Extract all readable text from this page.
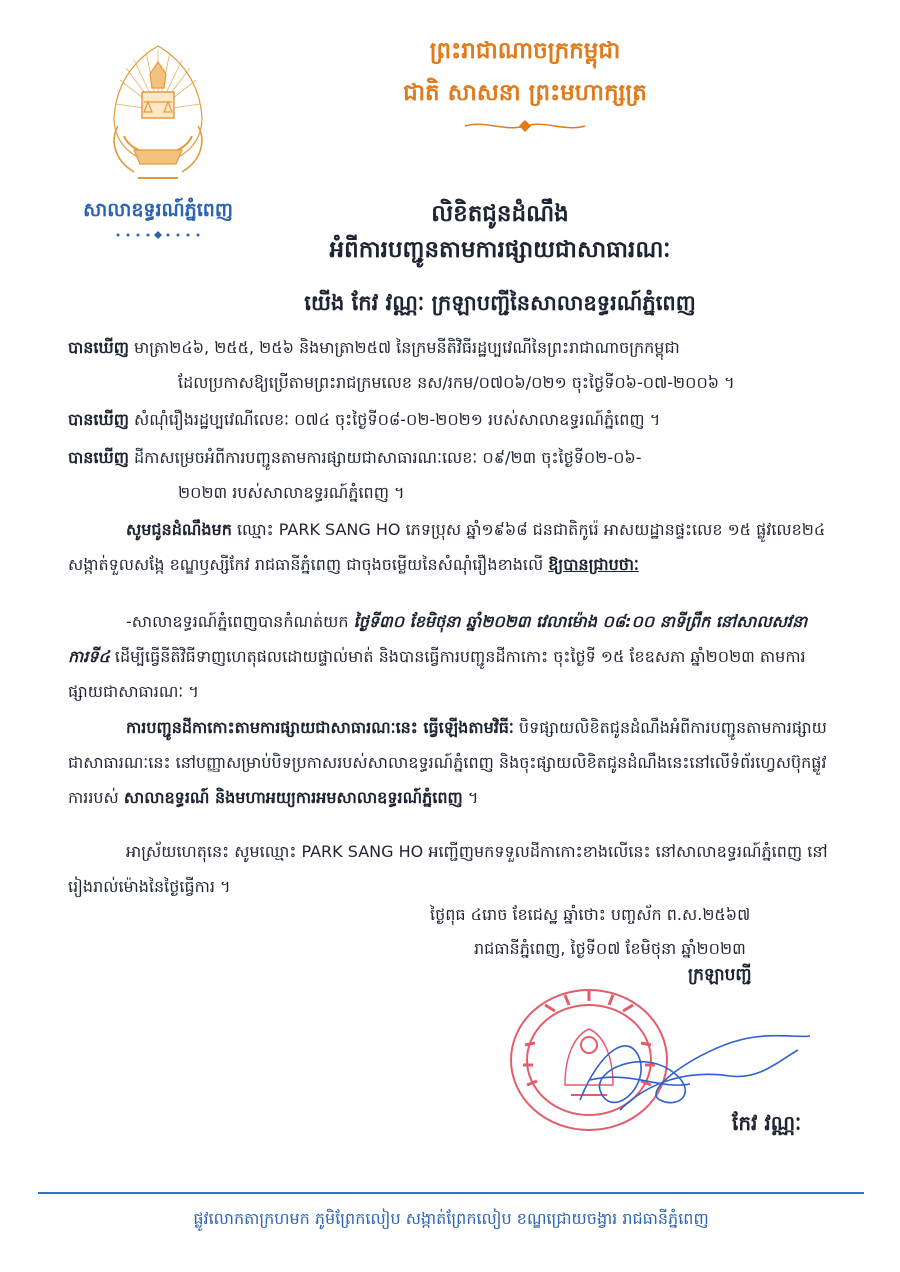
សាលាឧទ្ធរណ៍ភ្នំពេញ
ព្រះរាជាណាចក្រកម្ពុជា
ជាតិ សាសនា ព្រះមហាក្សត្រ
លិខិតជូនដំណឹង
អំពីការបញ្ជូនតាមការផ្សាយជាសាធារណៈ
យើង កែវ វណ្ណៈ ក្រឡាបញ្ជីនៃសាលាឧទ្ធរណ៍ភ្នំពេញ
បានឃើញ មាត្រា២៤៦, ២៥៥, ២៥៦ និងមាត្រា២៥៧ នៃក្រមនីតិវិធីរដ្ឋប្បវេណីនៃព្រះរាជាណាចក្រកម្ពុជា
ដែលប្រកាសឱ្យប្រើតាមព្រះរាជក្រមលេខ នស/រកម/០៧០៦/០២១ ចុះថ្ងៃទី០៦-០៧-២០០៦ ។
បានឃើញ សំណុំរឿងរដ្ឋប្បវេណីលេខៈ ០៧៤ ចុះថ្ងៃទី០៨-០២-២០២១ របស់សាលាឧទ្ធរណ៍ភ្នំពេញ ។
បានឃើញ ដីកាសម្រេចអំពីការបញ្ជូនតាមការផ្សាយជាសាធារណៈលេខៈ ០៩/២៣ ចុះថ្ងៃទី០២-០៦-
២០២៣ របស់សាលាឧទ្ធរណ៍ភ្នំពេញ ។
សូមជូនដំណឹងមក ឈ្មោះ PARK SANG HO ភេទប្រុស ឆ្នាំ១៩៦៨ ជនជាតិកូរ៉េ អាសយដ្ឋានផ្ទះលេខ ១៥ ផ្លូវលេខ២៤ សង្កាត់ទួលសង្កែ ខណ្ឌឫស្សីកែវ រាជធានីភ្នំពេញ ជាចុងចម្លើយនៃសំណុំរឿងខាងលើ ឱ្យបានជ្រាបថាៈ
-សាលាឧទ្ធរណ៍ភ្នំពេញបានកំណត់យក ថ្ងៃទី៣០ ខែមិថុនា ឆ្នាំ២០២៣ វេលាម៉ោង ០៨:០០ នាទីព្រឹក នៅសាលសវនាការទី៤ ដើម្បីធ្វើនីតិវិធីទាញហេតុផលដោយផ្ទាល់មាត់ និងបានធ្វើការបញ្ជូនដីកាកោះ ចុះថ្ងៃទី ១៥ ខែឧសភា ឆ្នាំ២០២៣ តាមការផ្សាយជាសាធារណៈ ។
ការបញ្ជូនដីកាកោះតាមការផ្សាយជាសាធារណៈនេះ ធ្វើឡើងតាមវិធីៈ បិទផ្សាយលិខិតជូនដំណឹងអំពីការបញ្ជូនតាមការផ្សាយជាសាធារណៈនេះ នៅបញ្ញាសម្រាប់បិទប្រកាសរបស់សាលាឧទ្ធរណ៍ភ្នំពេញ និងចុះផ្សាយលិខិតជូនដំណឹងនេះនៅលើទំព័រហ្វេសប៊ុកផ្លូវការរបស់ សាលាឧទ្ធរណ៍ និងមហាអយ្យការអមសាលាឧទ្ធរណ៍ភ្នំពេញ ។
អាស្រ័យហេតុនេះ សូមឈ្មោះ PARK SANG HO អញ្ជើញមកទទួលដីកាកោះខាងលើនេះ នៅសាលាឧទ្ធរណ៍ភ្នំពេញ នៅរៀងរាល់ម៉ោងនៃថ្ងៃធ្វើការ ។
ថ្ងៃពុធ ៤រោច ខែជេស្ឋ ឆ្នាំថោះ បញ្ចស័ក ព.ស.២៥៦៧
រាជធានីភ្នំពេញ, ថ្ងៃទី០៧ ខែមិថុនា ឆ្នាំ២០២៣
ក្រឡាបញ្ជី
កែវ វណ្ណៈ
ផ្លូវលោកតាក្រហមក ភូមិព្រែកលៀប សង្កាត់ព្រែកលៀប ខណ្ឌជ្រោយចង្វារ រាជធានីភ្នំពេញ
